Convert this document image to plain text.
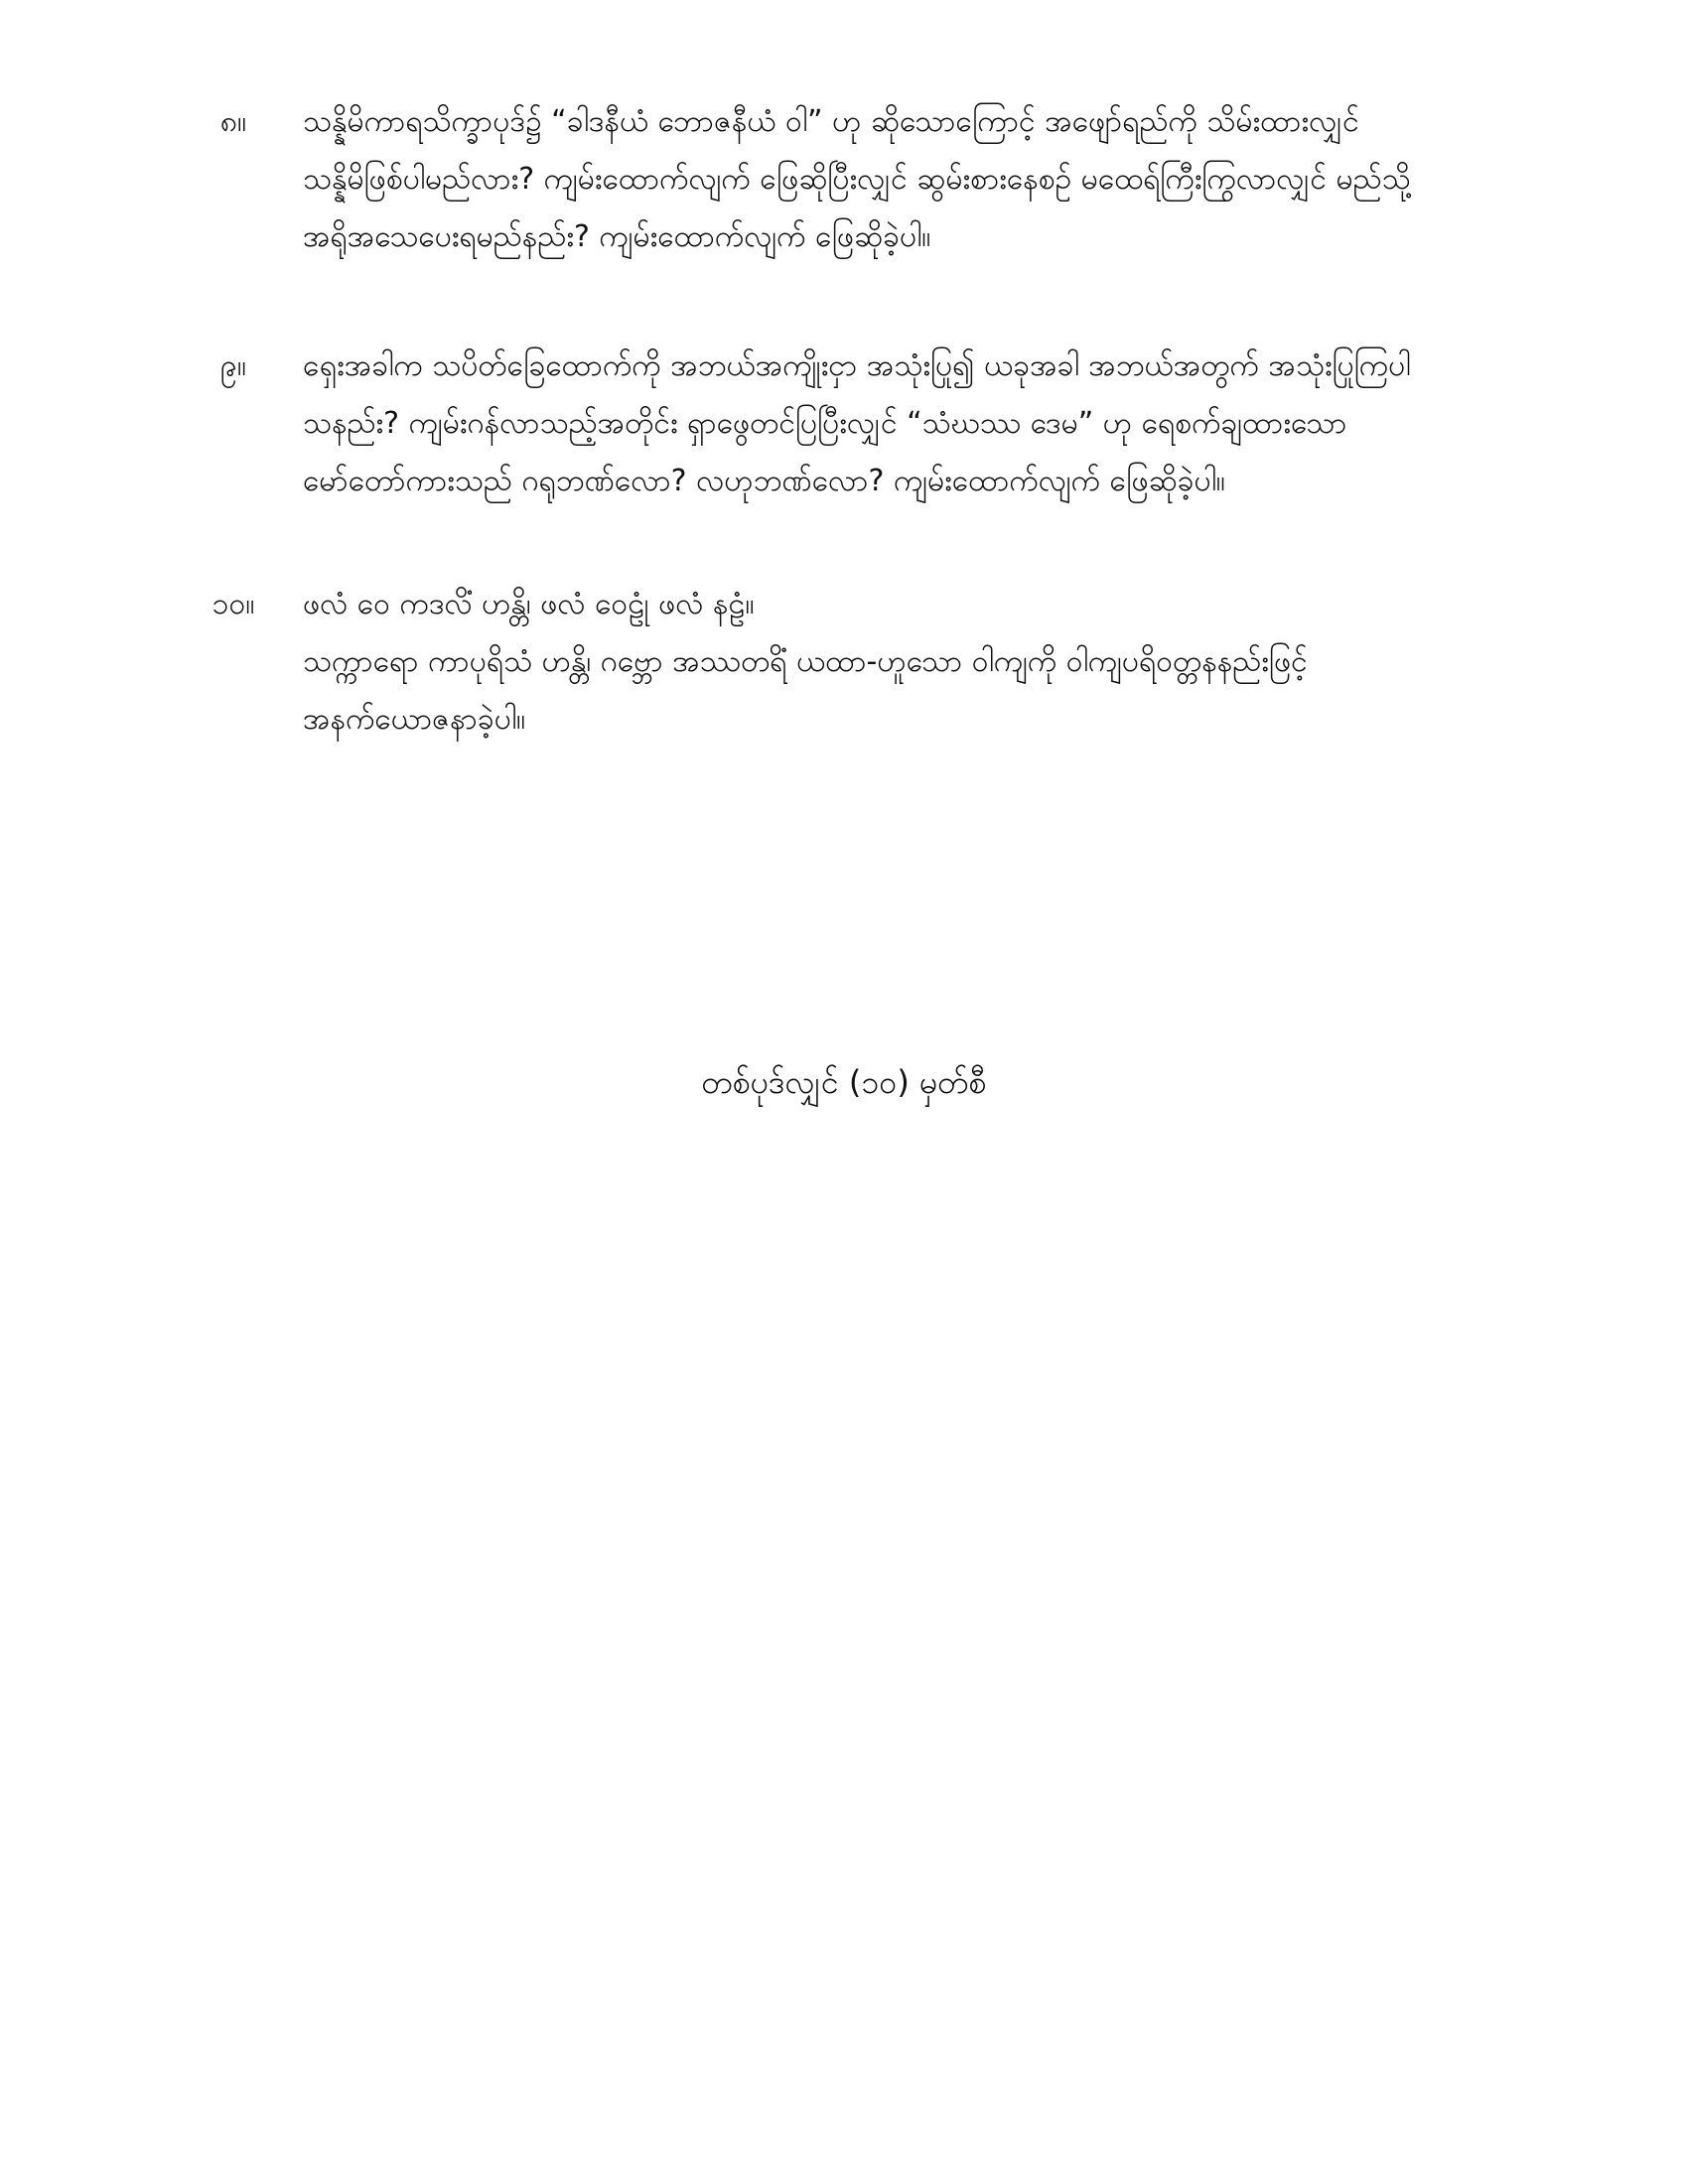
၈။	သန္နိမိကာရသိက္ခာပုဒ်၌ “ခါဒနီယံ ဘောဇနီယံ ဝါ” ဟု ဆိုသောကြောင့် အဖျော်ရည်ကို သိမ်းထားလျှင်
သန္နိမိဖြစ်ပါမည်လား? ကျမ်းထောက်လျက် ဖြေဆိုပြီးလျှင် ဆွမ်းစားနေစဉ် မထေရ်ကြီးကြွလာလျှင် မည်သို့
အရိုအသေပေးရမည်နည်း? ကျမ်းထောက်လျက် ဖြေဆိုခဲ့ပါ။
၉။	ရှေးအခါက သပိတ်ခြေထောက်ကို အဘယ်အကျိုးငှာ အသုံးပြု၍ ယခုအခါ အဘယ်အတွက် အသုံးပြုကြပါ
သနည်း? ကျမ်းဂန်လာသည့်အတိုင်း ရှာဖွေတင်ပြပြီးလျှင် “သံဃဿ ဒေမ” ဟု ရေစက်ချထားသော
မော်တော်ကားသည် ဂရုဘဏ်လော? လဟုဘဏ်လော? ကျမ်းထောက်လျက် ဖြေဆိုခဲ့ပါ။
၁၀။	ဖလံ ဝေ ကဒလိံ ဟန္တိ၊ ဖလံ ဝေဠုံ ဖလံ နဠံ။
သက္ကာရော ကာပုရိသံ ဟန္တိ၊ ဂဗ္ဘော အဿတရိံ ယထာ-ဟူသော ဝါကျကို ဝါကျပရိဝတ္တနနည်းဖြင့်
အနက်ယောဇနာခဲ့ပါ။
တစ်ပုဒ်လျှင် (၁၀) မှတ်စီ
